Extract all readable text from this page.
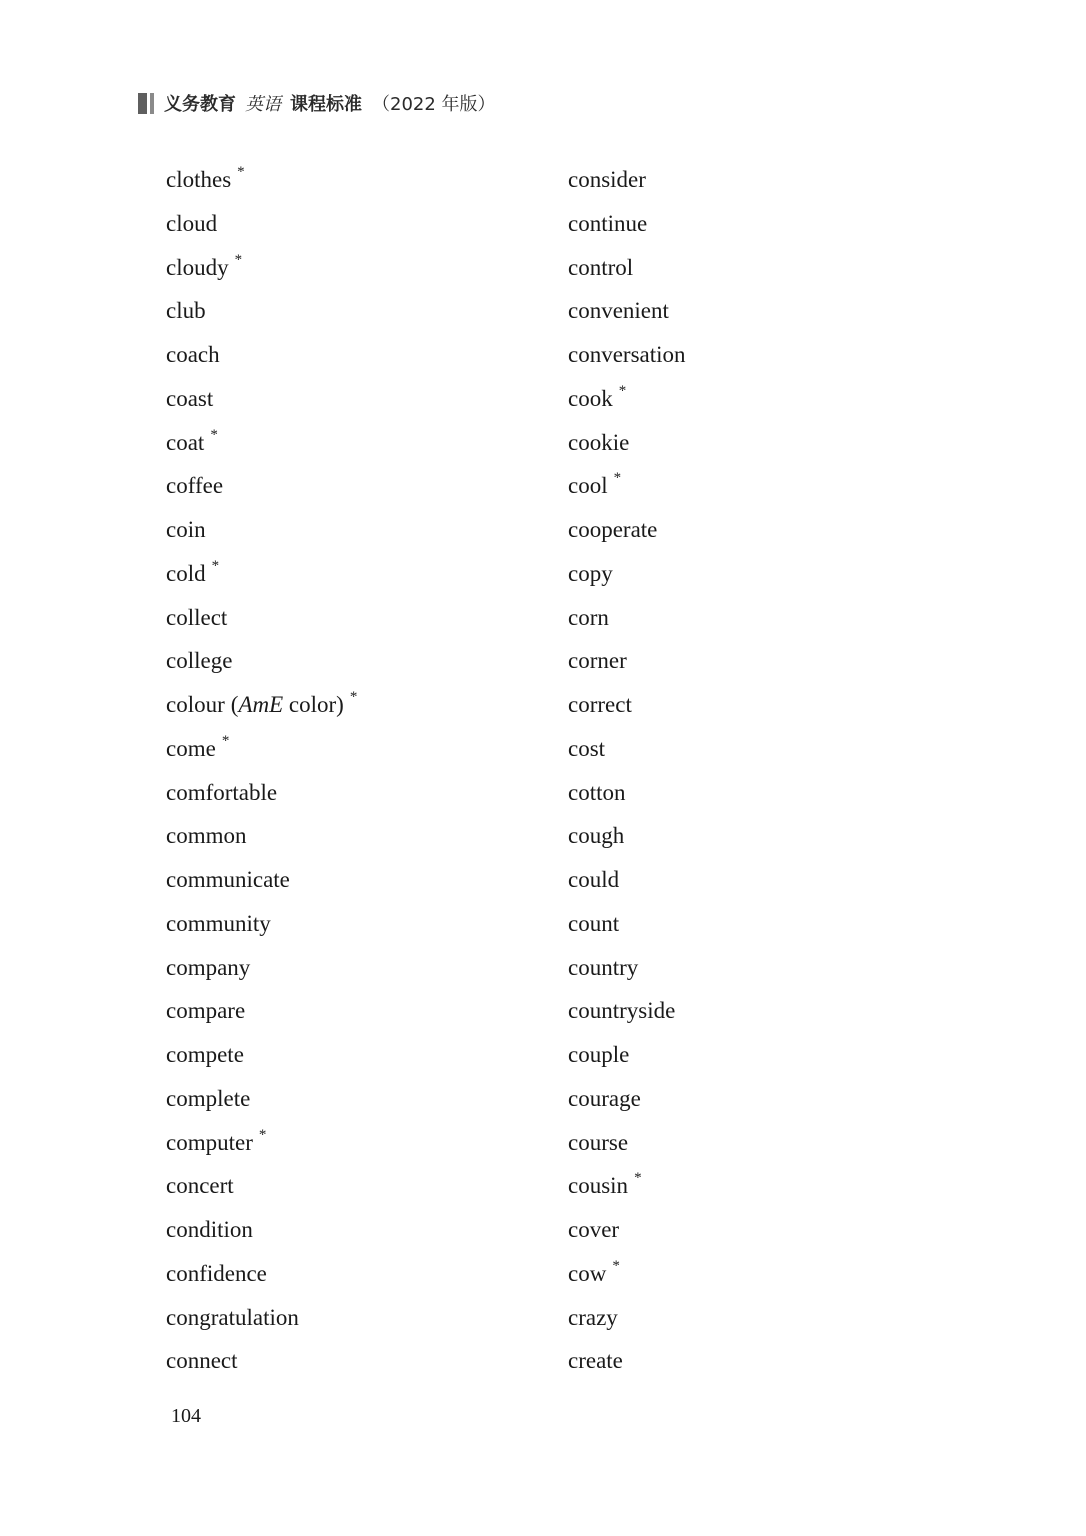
义务教育 英语 课程标准 （2022 年版）
clothes *
cloud
cloudy *
club
coach
coast
coat *
coffee
coin
cold *
collect
college
colour (AmE color) *
come *
comfortable
common
communicate
community
company
compare
compete
complete
computer *
concert
condition
confidence
congratulation
connect
consider
continue
control
convenient
conversation
cook *
cookie
cool *
cooperate
copy
corn
corner
correct
cost
cotton
cough
could
count
country
countryside
couple
courage
course
cousin *
cover
cow *
crazy
create
104
